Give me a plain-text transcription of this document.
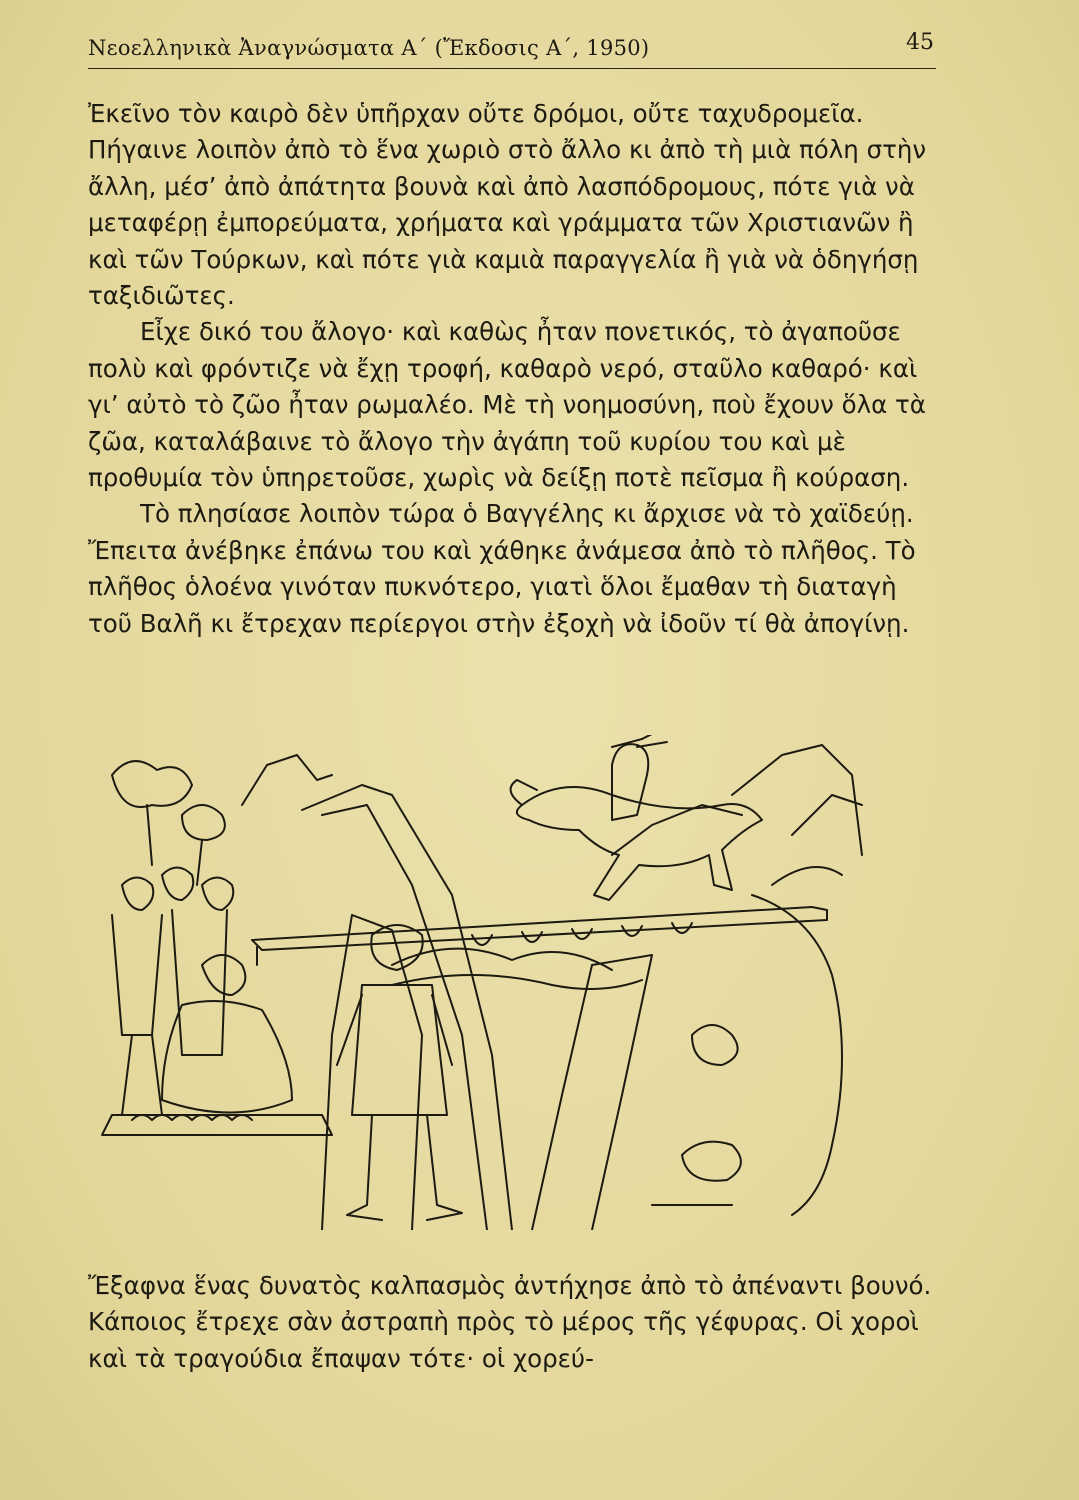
Νεοελληνικὰ Ἀναγνώσματα Α΄ (Ἔκδοσις Α΄, 1950)	45

Ἐκεῖνο τὸν καιρὸ δὲν ὑπῆρχαν οὔτε δρόμοι, οὔτε ταχυδρομεῖα. Πήγαινε λοιπὸν ἀπὸ τὸ ἕνα χωριὸ στὸ ἄλλο κι ἀπὸ τὴ μιὰ πόλη στὴν ἄλλη, μέσ’ ἀπὸ ἀπάτητα βουνὰ καὶ ἀπὸ λασπόδρομους, πότε γιὰ νὰ μεταφέρῃ ἐμπορεύματα, χρήματα καὶ γράμματα τῶν Χριστιανῶν ἢ καὶ τῶν Τούρκων, καὶ πότε γιὰ καμιὰ παραγγελία ἢ γιὰ νὰ ὁδηγήσῃ ταξιδιῶτες.

Εἶχε δικό του ἄλογο· καὶ καθὼς ἦταν πονετικός, τὸ ἀγαποῦσε πολὺ καὶ φρόντιζε νὰ ἔχῃ τροφή, καθαρὸ νερό, σταῦλο καθαρό· καὶ γι’ αὐτὸ τὸ ζῶο ἦταν ρωμαλέο. Μὲ τὴ νοημοσύνη, ποὺ ἔχουν ὅλα τὰ ζῶα, καταλάβαινε τὸ ἄλογο τὴν ἀγάπη τοῦ κυρίου του καὶ μὲ προθυμία τὸν ὑπηρετοῦσε, χωρὶς νὰ δείξῃ ποτὲ πεῖσμα ἢ κούραση.

Τὸ πλησίασε λοιπὸν τώρα ὁ Βαγγέλης κι ἄρχισε νὰ τὸ χαϊδεύῃ. Ἔπειτα ἀνέβηκε ἐπάνω του καὶ χάθηκε ἀνάμεσα ἀπὸ τὸ πλῆθος. Τὸ πλῆθος ὁλοένα γινόταν πυκνότερο, γιατὶ ὅλοι ἔμαθαν τὴ διαταγὴ τοῦ Βαλῆ κι ἔτρεχαν περίεργοι στὴν ἐξοχὴ νὰ ἰδοῦν τί θὰ ἀπογίνῃ.

Ἔξαφνα ἕνας δυνατὸς καλπασμὸς ἀντήχησε ἀπὸ τὸ ἀπέναντι βουνό. Κάποιος ἔτρεχε σὰν ἀστραπὴ πρὸς τὸ μέρος τῆς γέφυρας. Οἱ χοροὶ καὶ τὰ τραγούδια ἔπαψαν τότε· οἱ χορεύ-
